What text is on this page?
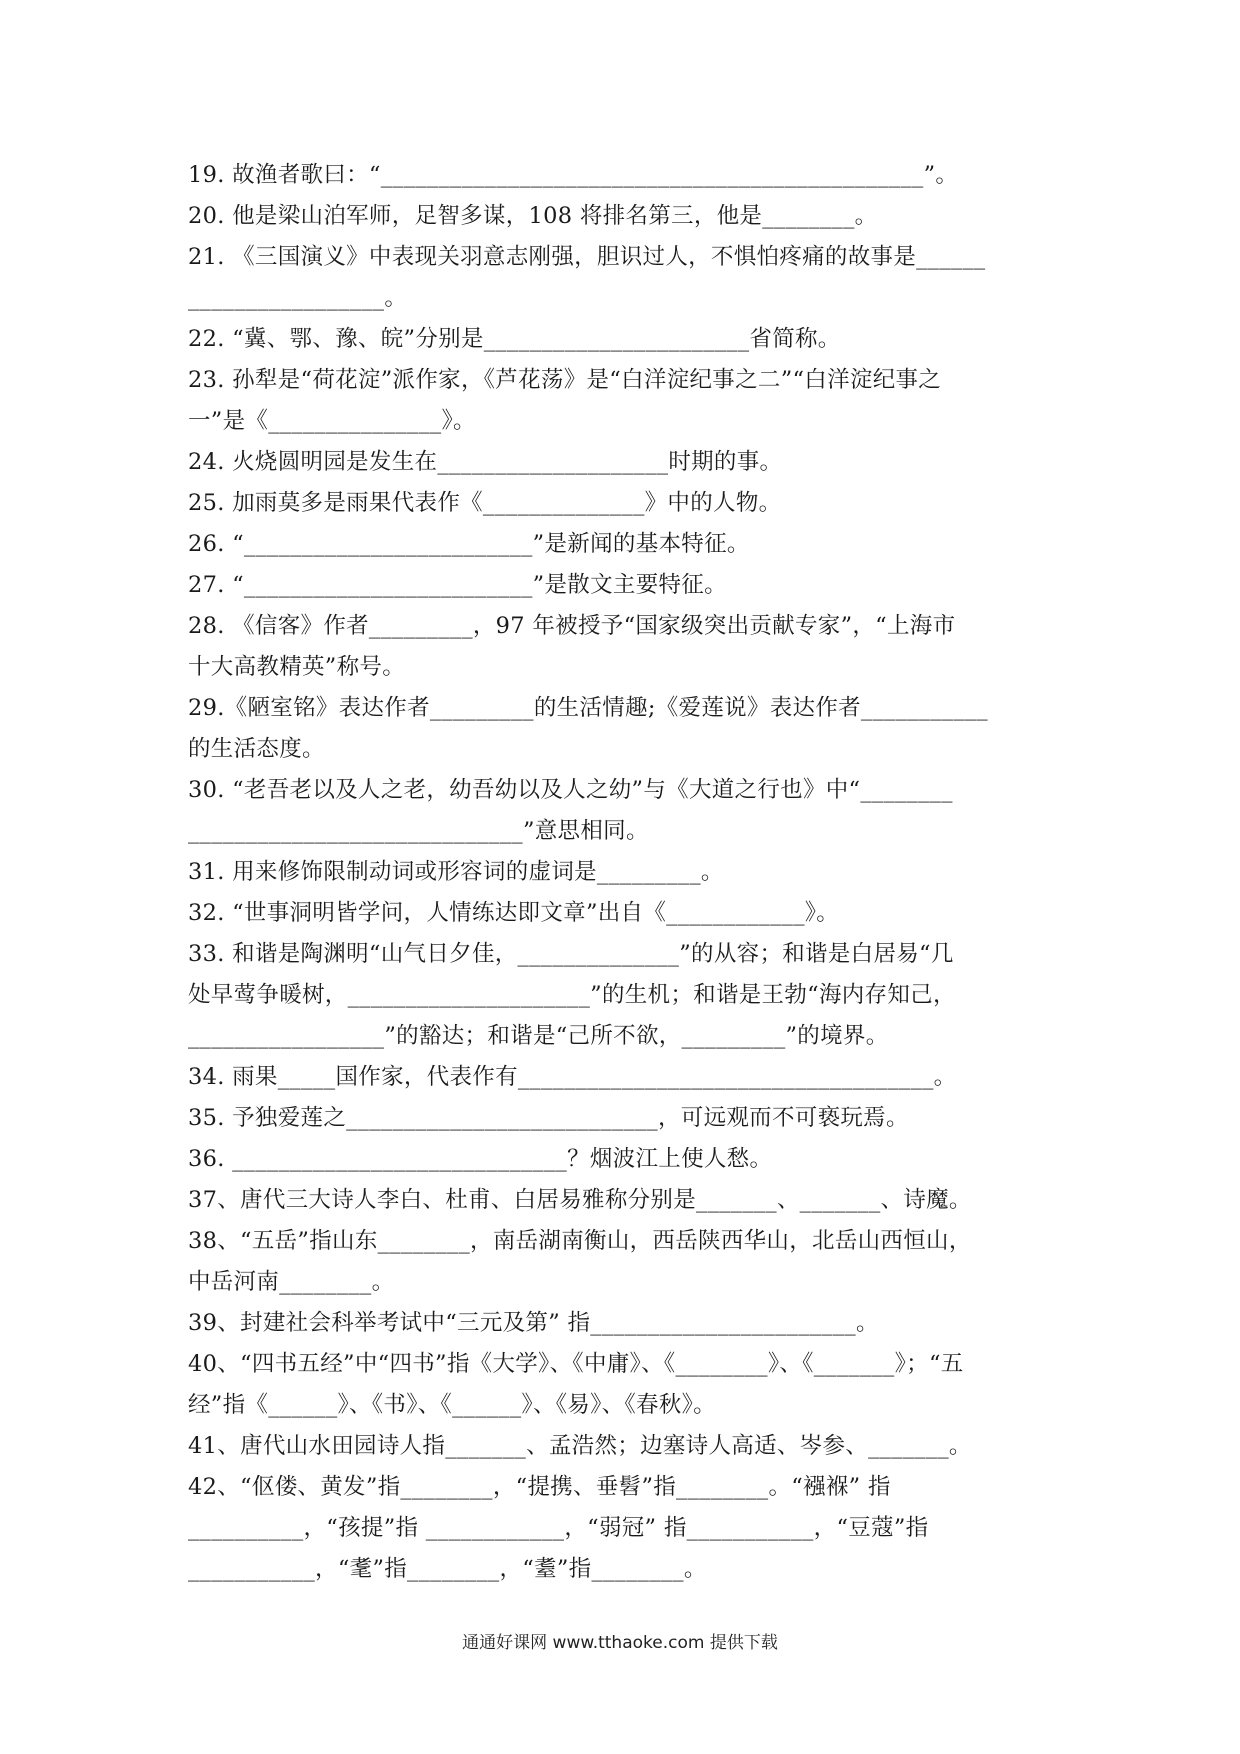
19. 故渔者歌曰：“_______________________________________________”。
20. 他是梁山泊军师，足智多谋，108 将排名第三，他是________。
21. 《三国演义》中表现关羽意志刚强，胆识过人，不惧怕疼痛的故事是______
_________________。
22. “冀、鄂、豫、皖”分别是_______________________省简称。
23. 孙犁是“荷花淀”派作家，《芦花荡》是“白洋淀纪事之二”“白洋淀纪事之
一”是《_______________》。
24. 火烧圆明园是发生在____________________时期的事。
25. 加雨莫多是雨果代表作《______________》中的人物。
26. “_________________________”是新闻的基本特征。
27. “_________________________”是散文主要特征。
28. 《信客》作者_________，97 年被授予“国家级突出贡献专家”，“上海市
十大高教精英”称号。
29.《陋室铭》表达作者_________的生活情趣;《爱莲说》表达作者___________
的生活态度。
30. “老吾老以及人之老，幼吾幼以及人之幼”与《大道之行也》中“________
_____________________________”意思相同。
31. 用来修饰限制动词或形容词的虚词是_________。
32. “世事洞明皆学问，人情练达即文章”出自《____________》。
33. 和谐是陶渊明“山气日夕佳，______________”的从容；和谐是白居易“几
处早莺争暖树，_____________________”的生机；和谐是王勃“海内存知己，
_________________”的豁达；和谐是“己所不欲，_________”的境界。
34. 雨果_____国作家，代表作有____________________________________。
35. 予独爱莲之___________________________，可远观而不可亵玩焉。
36. _____________________________？烟波江上使人愁。
37、唐代三大诗人李白、杜甫、白居易雅称分别是_______、_______、诗魔。
38、“五岳”指山东________，南岳湖南衡山，西岳陕西华山，北岳山西恒山，
中岳河南________。
39、封建社会科举考试中“三元及第” 指_______________________。
40、“四书五经”中“四书”指《大学》、《中庸》、《________》、《_______》；“五
经”指《______》、《书》、《______》、《易》、《春秋》。
41、唐代山水田园诗人指_______、孟浩然；边塞诗人高适、岑参、_______。
42、“伛偻、黄发”指________，“提携、垂髫”指________。“襁褓” 指
__________，“孩提”指 ____________，“弱冠” 指___________，“豆蔻”指
___________，“耄”指________，“耋”指________。
通通好课网 www.tthaoke.com 提供下载
